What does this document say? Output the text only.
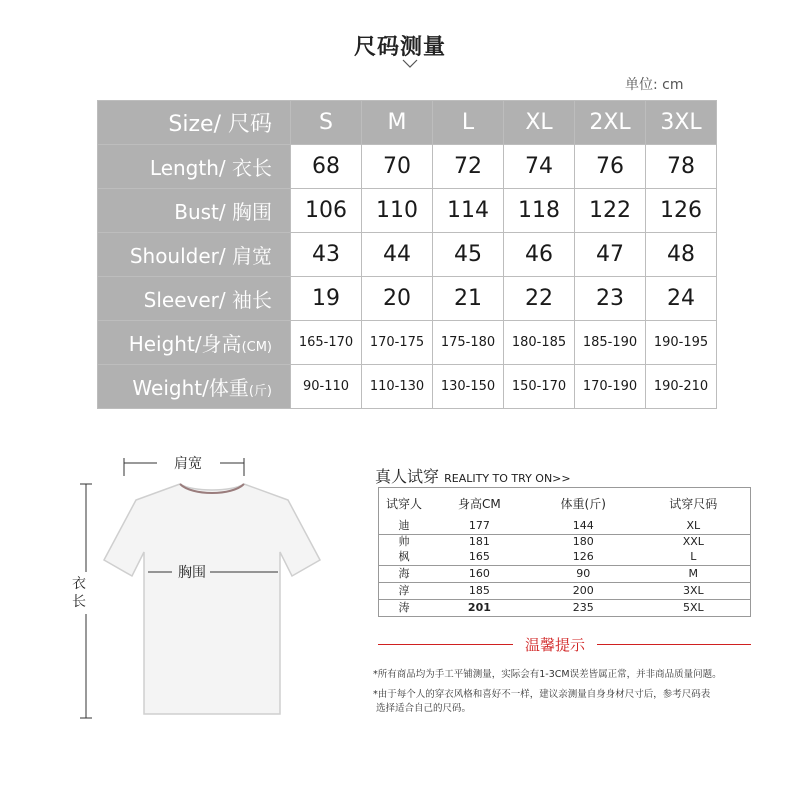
尺码测量
单位: cm
Size/ 尺码	S	M	L	XL	2XL	3XL
Length/ 衣长	68	70	72	74	76	78
Bust/ 胸围	106	110	114	118	122	126
Shoulder/ 肩宽	43	44	45	46	47	48
Sleever/ 袖长	19	20	21	22	23	24
Height/身高(CM)	165-170	170-175	175-180	180-185	185-190	190-195
Weight/体重(斤)	90-110	110-130	130-150	150-170	170-190	190-210
肩宽
胸围
衣长
真人试穿 REALITY TO TRY ON>>
试穿人	身高CM	体重(斤)	试穿尺码
迪	177	144	XL
帅	181	180	XXL
枫	165	126	L
海	160	90	M
淳	185	200	3XL
涛	201	235	5XL
温馨提示
*所有商品均为手工平铺测量，实际会有1-3CM误差皆属正常，并非商品质量问题。
*由于每个人的穿衣风格和喜好不一样，建议亲测量自身身材尺寸后，参考尺码表
选择适合自己的尺码。
